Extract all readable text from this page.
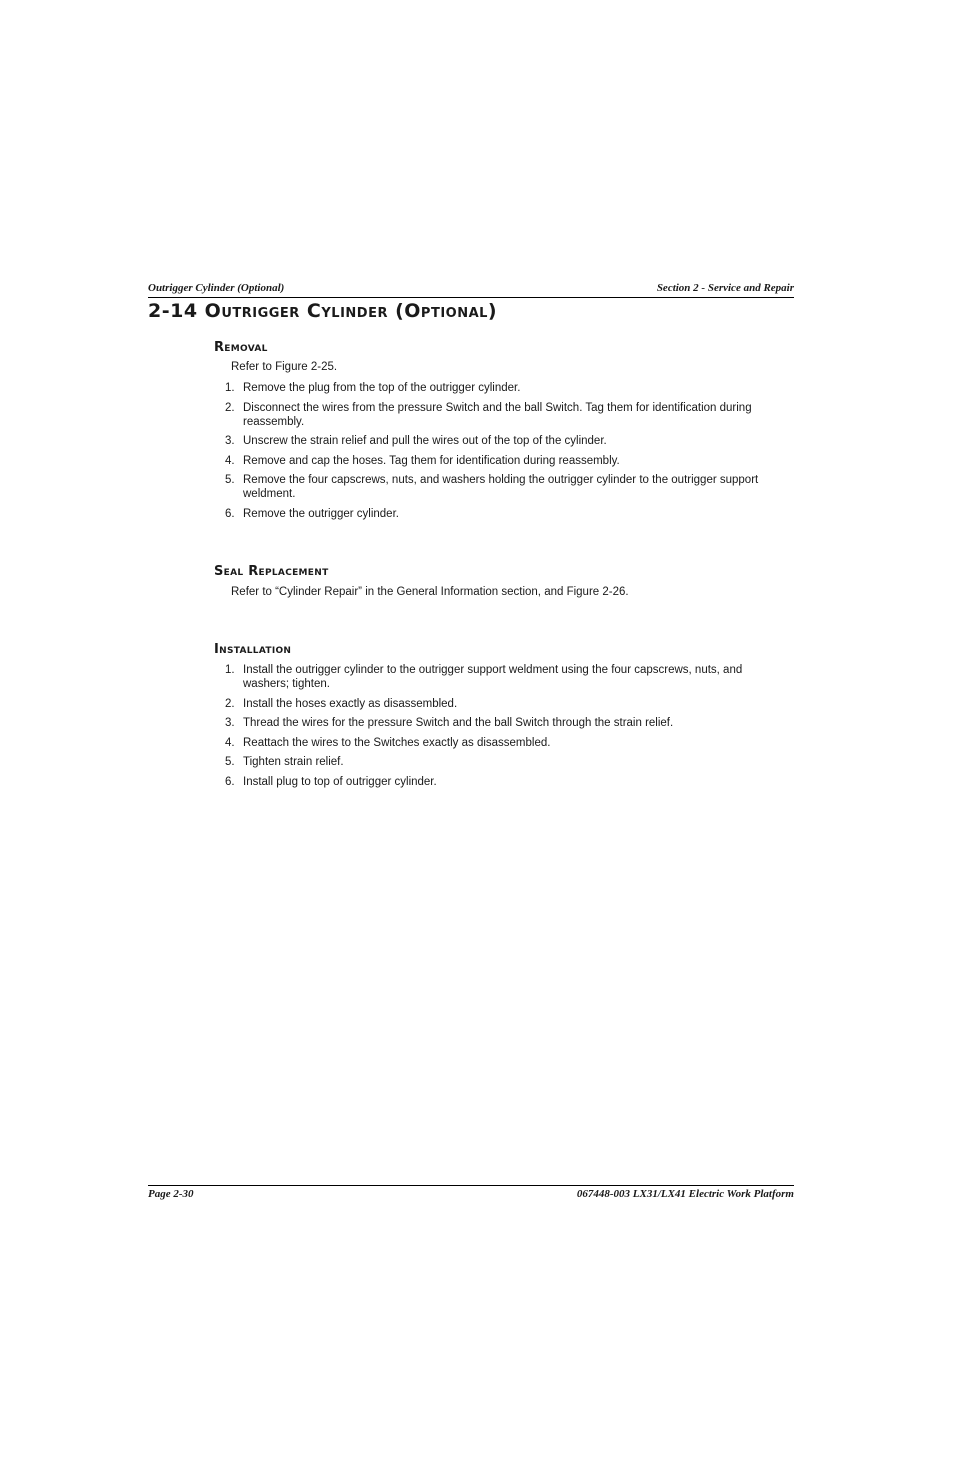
Outrigger Cylinder (Optional)	Section 2 - Service and Repair
2-14 Outrigger Cylinder (Optional)
Removal
Refer to Figure 2-25.
1. Remove the plug from the top of the outrigger cylinder.
2. Disconnect the wires from the pressure Switch and the ball Switch. Tag them for identification during reassembly.
3. Unscrew the strain relief and pull the wires out of the top of the cylinder.
4. Remove and cap the hoses. Tag them for identification during reassembly.
5. Remove the four capscrews, nuts, and washers holding the outrigger cylinder to the outrigger support weldment.
6. Remove the outrigger cylinder.
Seal Replacement
Refer to “Cylinder Repair” in the General Information section, and Figure 2-26.
Installation
1. Install the outrigger cylinder to the outrigger support weldment using the four capscrews, nuts, and washers; tighten.
2. Install the hoses exactly as disassembled.
3. Thread the wires for the pressure Switch and the ball Switch through the strain relief.
4. Reattach the wires to the Switches exactly as disassembled.
5. Tighten strain relief.
6. Install plug to top of outrigger cylinder.
Page 2-30	067448-003 LX31/LX41 Electric Work Platform
